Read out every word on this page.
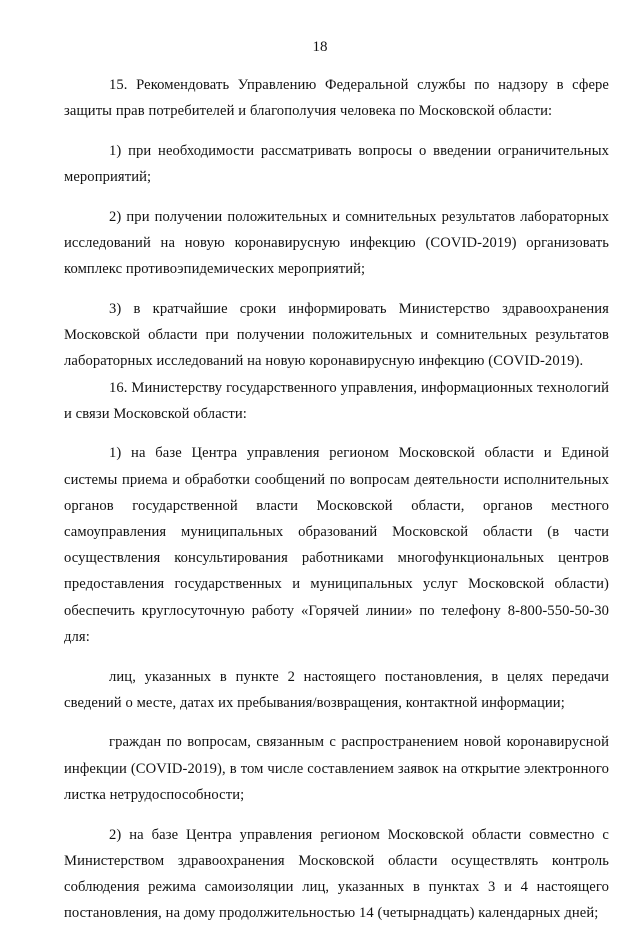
18

15. Рекомендовать Управлению Федеральной службы по надзору в сфере защиты прав потребителей и благополучия человека по Московской области:

1) при необходимости рассматривать вопросы о введении ограничительных мероприятий;

2) при получении положительных и сомнительных результатов лабораторных исследований на новую коронавирусную инфекцию (COVID-2019) организовать комплекс противоэпидемических мероприятий;

3) в кратчайшие сроки информировать Министерство здравоохранения Московской области при получении положительных и сомнительных результатов лабораторных исследований на новую коронавирусную инфекцию (COVID-2019).

16. Министерству государственного управления, информационных технологий и связи Московской области:

1) на базе Центра управления регионом Московской области и Единой системы приема и обработки сообщений по вопросам деятельности исполнительных органов государственной власти Московской области, органов местного самоуправления муниципальных образований Московской области (в части осуществления консультирования работниками многофункциональных центров предоставления государственных и муниципальных услуг Московской области) обеспечить круглосуточную работу «Горячей линии» по телефону 8-800-550-50-30 для:

лиц, указанных в пункте 2 настоящего постановления, в целях передачи сведений о месте, датах их пребывания/возвращения, контактной информации;

граждан по вопросам, связанным с распространением новой коронавирусной инфекции (COVID-2019), в том числе составлением заявок на открытие электронного листка нетрудоспособности;

2) на базе Центра управления регионом Московской области совместно с Министерством здравоохранения Московской области осуществлять контроль соблюдения режима самоизоляции лиц, указанных в пунктах 3 и 4 настоящего постановления, на дому продолжительностью 14 (четырнадцать) календарных дней;
